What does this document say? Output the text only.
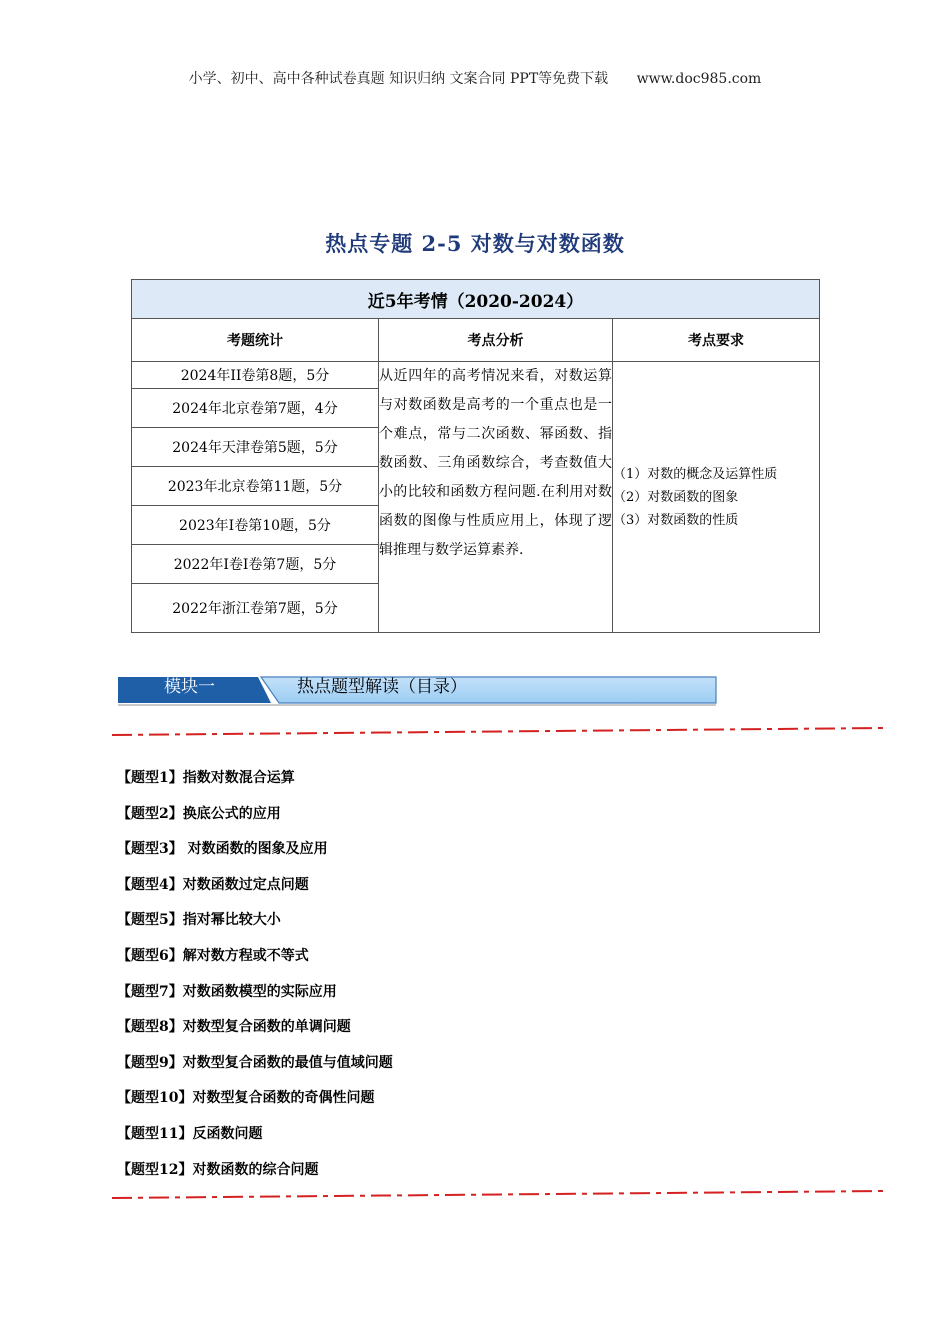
小学、初中、高中各种试卷真题 知识归纳 文案合同 PPT等免费下载 www.doc985.com
热点专题 2-5 对数与对数函数
近5年考情（2020-2024）		
考题统计	考点分析	考点要求
2024年II卷第8题，5分	从近四年的高考情况来看，对数运算与对数函数是高考的一个重点也是一个难点，常与二次函数、幂函数、指数函数、三角函数综合，考查数值大小的比较和函数方程问题.在利用对数函数的图像与性质应用上，体现了逻辑推理与数学运算素养.	（1）对数的概念及运算性质
（2）对数函数的图象
（3）对数函数的性质

2024年北京卷第7题，4分		
2024年天津卷第5题，5分		
2023年北京卷第11题，5分		
2023年I卷第10题，5分		
2022年I卷I卷第7题，5分		
2022年浙江卷第7题，5分		
模块一	热点题型解读（目录）
【题型1】指数对数混合运算
【题型2】换底公式的应用
【题型3】 对数函数的图象及应用
【题型4】对数函数过定点问题
【题型5】指对幂比较大小
【题型6】解对数方程或不等式
【题型7】对数函数模型的实际应用
【题型8】对数型复合函数的单调问题
【题型9】对数型复合函数的最值与值域问题
【题型10】对数型复合函数的奇偶性问题
【题型11】反函数问题
【题型12】对数函数的综合问题
